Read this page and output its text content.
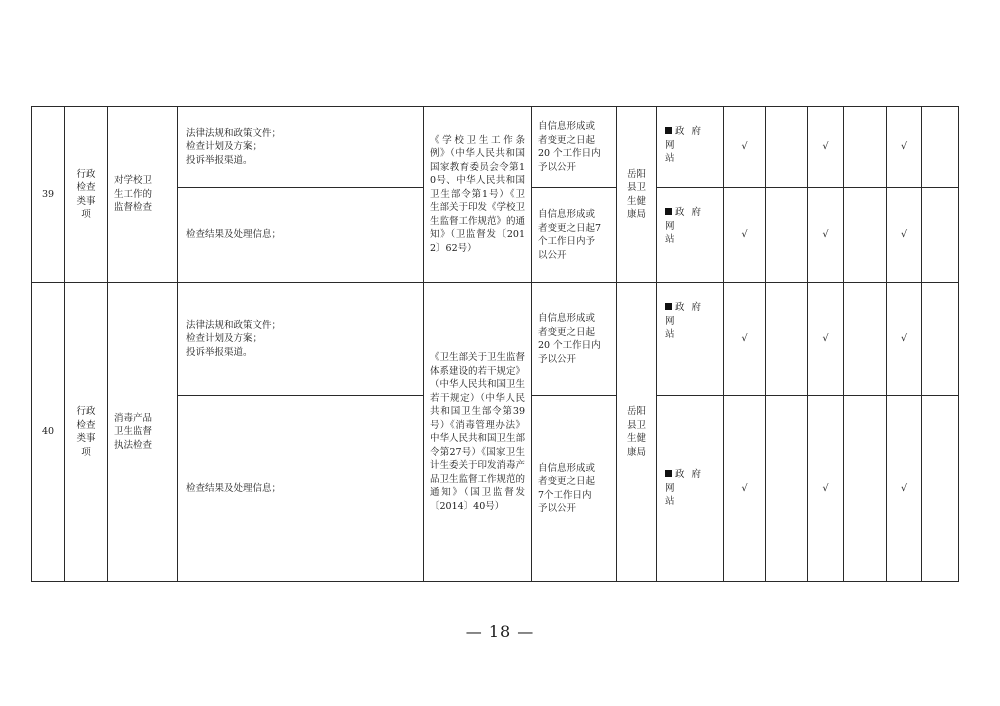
39	行政
检查
类事
项	对学校卫
生工作的
监督检查	法律法规和政策文件；
检查计划及方案；
投诉举报渠道。	《学校卫生工作条例》（中华人民共和国国家教育委员会令第10号、中华人民共和国卫生部令第1号）《卫生部关于印发《学校卫生监督工作规范》的通知》（卫监督发〔2012〕62号）	自信息形成或
者变更之日起
20 个工作日内
予以公开	岳阳
县卫
生健
康局	政 府 网
站	√		√		√	
			检查结果及处理信息；		自信息形成或
者变更之日起7
个工作日内予
以公开		政 府 网
站	√		√		√	
40	行政
检查
类事
项	消毒产品
卫生监督
执法检查	法律法规和政策文件；
检查计划及方案；
投诉举报渠道。	《卫生部关于卫生监督体系建设的若干规定》（中华人民共和国卫生若干规定）（中华人民共和国卫生部令第39号）《消毒管理办法》中华人民共和国卫生部令第27号）《国家卫生计生委关于印发消毒产品卫生监督工作规范的通知》（国卫监督发〔2014〕40号）	自信息形成或
者变更之日起
20 个工作日内
予以公开	岳阳
县卫
生健
康局	政 府 网
站	√		√		√	
			检查结果及处理信息；		自信息形成或
者变更之日起
7个工作日内
予以公开		政 府 网
站	√		√		√	
— 18 —
